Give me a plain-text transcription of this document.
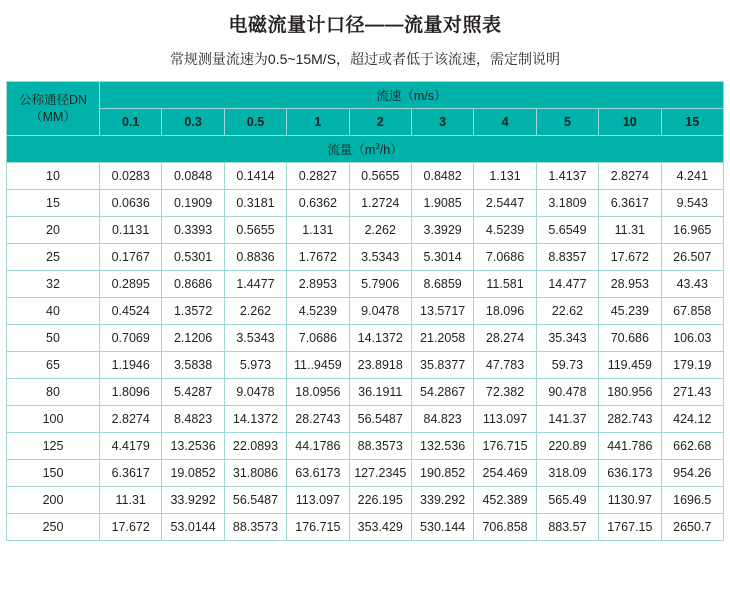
电磁流量计口径——流量对照表
常规测量流速为0.5~15M/S，超过或者低于该流速，需定制说明
公称通径DN
（MM）	流速（m/s）									
	0.1	0.3	0.5	1	2	3	4	5	10	15
流量$(m^3/h)$										
10	0.0283	0.0848	0.1414	0.2827	0.5655	0.8482	1.131	1.4137	2.8274	4.241
15	0.0636	0.1909	0.3181	0.6362	1.2724	1.9085	2.5447	3.1809	6.3617	9.543
20	0.1131	0.3393	0.5655	1.131	2.262	3.3929	4.5239	5.6549	11.31	16.965
25	0.1767	0.5301	0.8836	1.7672	3.5343	5.3014	7.0686	8.8357	17.672	26.507
32	0.2895	0.8686	1.4477	2.8953	5.7906	8.6859	11.581	14.477	28.953	43.43
40	0.4524	1.3572	2.262	4.5239	9.0478	13.5717	18.096	22.62	45.239	67.858
50	0.7069	2.1206	3.5343	7.0686	14.1372	21.2058	28.274	35.343	70.686	106.03
65	1.1946	3.5838	5.973	11..9459	23.8918	35.8377	47.783	59.73	119.459	179.19
80	1.8096	5.4287	9.0478	18.0956	36.1911	54.2867	72.382	90.478	180.956	271.43
100	2.8274	8.4823	14.1372	28.2743	56.5487	84.823	113.097	141.37	282.743	424.12
125	4.4179	13.2536	22.0893	44.1786	88.3573	132.536	176.715	220.89	441.786	662.68
150	6.3617	19.0852	31.8086	63.6173	127.2345	190.852	254.469	318.09	636.173	954.26
200	11.31	33.9292	56.5487	113.097	226.195	339.292	452.389	565.49	1130.97	1696.5
250	17.672	53.0144	88.3573	176.715	353.429	530.144	706.858	883.57	1767.15	2650.7
